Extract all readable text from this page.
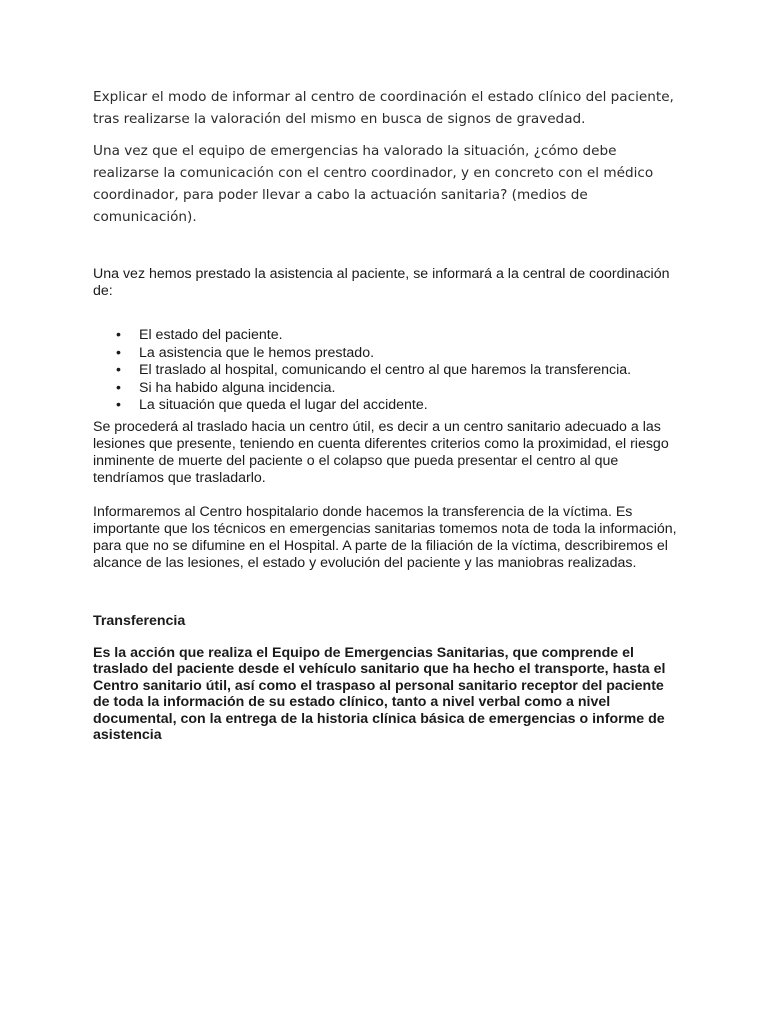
Explicar el modo de informar al centro de coordinación el estado clínico del paciente, tras realizarse la valoración del mismo en busca de signos de gravedad.

Una vez que el equipo de emergencias ha valorado la situación, ¿cómo debe realizarse la comunicación con el centro coordinador, y en concreto con el médico coordinador, para poder llevar a cabo la actuación sanitaria? (medios de comunicación).

Una vez hemos prestado la asistencia al paciente, se informará a la central de coordinación de:

• El estado del paciente.
• La asistencia que le hemos prestado.
• El traslado al hospital, comunicando el centro al que haremos la transferencia.
• Si ha habido alguna incidencia.
• La situación que queda el lugar del accidente.

Se procederá al traslado hacia un centro útil, es decir a un centro sanitario adecuado a las lesiones que presente, teniendo en cuenta diferentes criterios como la proximidad, el riesgo inminente de muerte del paciente o el colapso que pueda presentar el centro al que tendríamos que trasladarlo.

Informaremos al Centro hospitalario donde hacemos la transferencia de la víctima. Es importante que los técnicos en emergencias sanitarias tomemos nota de toda la información, para que no se difumine en el Hospital. A parte de la filiación de la víctima, describiremos el alcance de las lesiones, el estado y evolución del paciente y las maniobras realizadas.

Transferencia

Es la acción que realiza el Equipo de Emergencias Sanitarias, que comprende el traslado del paciente desde el vehículo sanitario que ha hecho el transporte, hasta el Centro sanitario útil, así como el traspaso al personal sanitario receptor del paciente de toda la información de su estado clínico, tanto a nivel verbal como a nivel documental, con la entrega de la historia clínica básica de emergencias o informe de asistencia
